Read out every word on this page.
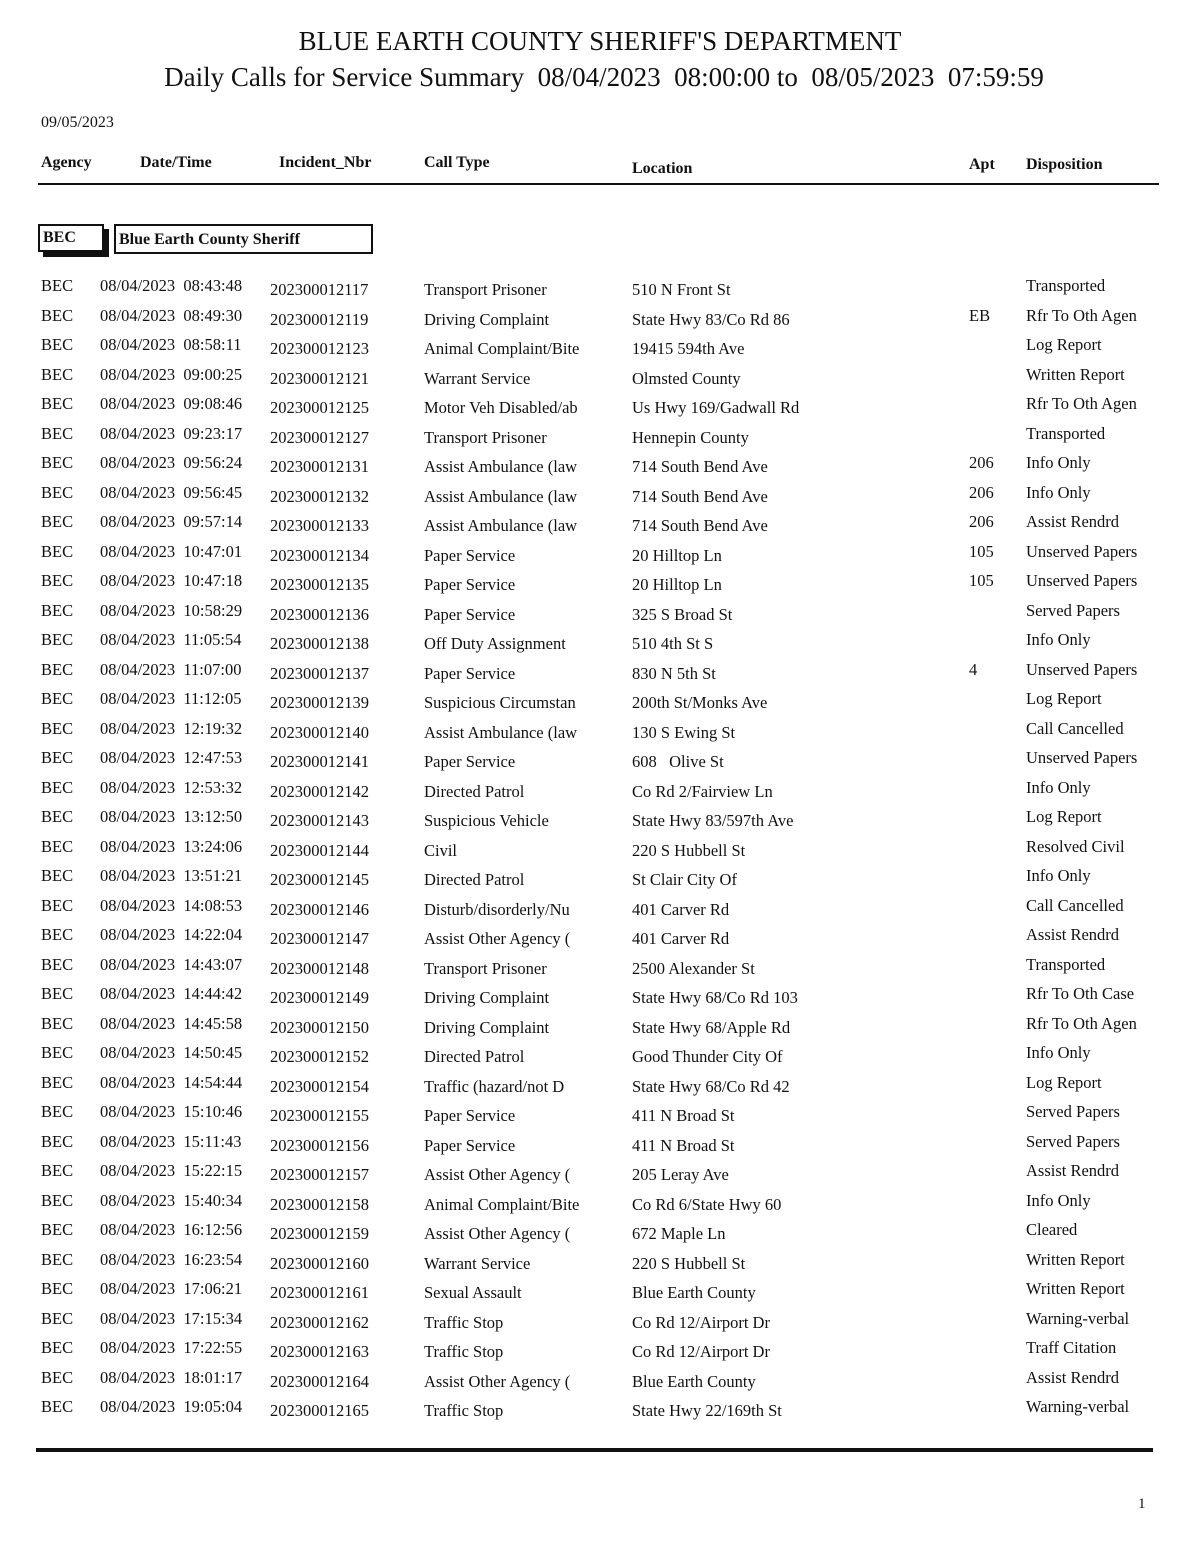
BLUE EARTH COUNTY SHERIFF'S DEPARTMENT
Daily Calls for Service Summary  08/04/2023  08:00:00 to  08/05/2023  07:59:59
09/05/2023
Agency	Date/Time	Incident_Nbr	Call Type	Location	Apt Disposition
BEC	Blue Earth County Sheriff
BEC 08/04/2023  08:43:48 202300012117	Transport Prisoner	510 N Front St	Transported
BEC 08/04/2023  08:49:30 202300012119	Driving Complaint	State Hwy 83/Co Rd 86	EB Rfr To Oth Agen
BEC 08/04/2023  08:58:11 202300012123	Animal Complaint/Bite	19415 594th Ave	Log Report
BEC 08/04/2023  09:00:25 202300012121	Warrant Service	Olmsted County	Written Report
BEC 08/04/2023  09:08:46 202300012125	Motor Veh Disabled/ab	Us Hwy 169/Gadwall Rd	Rfr To Oth Agen
BEC 08/04/2023  09:23:17 202300012127	Transport Prisoner	Hennepin County	Transported
BEC 08/04/2023  09:56:24 202300012131	Assist Ambulance (law	714 South Bend Ave	206 Info Only
BEC 08/04/2023  09:56:45 202300012132	Assist Ambulance (law	714 South Bend Ave	206 Info Only
BEC 08/04/2023  09:57:14 202300012133	Assist Ambulance (law	714 South Bend Ave	206 Assist Rendrd
BEC 08/04/2023  10:47:01 202300012134	Paper Service	20 Hilltop Ln	105 Unserved Papers
BEC 08/04/2023  10:47:18 202300012135	Paper Service	20 Hilltop Ln	105 Unserved Papers
BEC 08/04/2023  10:58:29 202300012136	Paper Service	325 S Broad St	Served Papers
BEC 08/04/2023  11:05:54 202300012138	Off Duty Assignment	510 4th St S	Info Only
BEC 08/04/2023  11:07:00 202300012137	Paper Service	830 N 5th St	4	Unserved Papers
BEC 08/04/2023  11:12:05 202300012139	Suspicious Circumstan	200th St/Monks Ave	Log Report
BEC 08/04/2023  12:19:32 202300012140	Assist Ambulance (law	130 S Ewing St	Call Cancelled
BEC 08/04/2023  12:47:53 202300012141	Paper Service	608   Olive St	Unserved Papers
BEC 08/04/2023  12:53:32 202300012142	Directed Patrol	Co Rd 2/Fairview Ln	Info Only
BEC 08/04/2023  13:12:50 202300012143	Suspicious Vehicle	State Hwy 83/597th Ave	Log Report
BEC 08/04/2023  13:24:06 202300012144	Civil	220 S Hubbell St	Resolved Civil
BEC 08/04/2023  13:51:21 202300012145	Directed Patrol	St Clair City Of	Info Only
BEC 08/04/2023  14:08:53 202300012146	Disturb/disorderly/Nu	401 Carver Rd	Call Cancelled
BEC 08/04/2023  14:22:04 202300012147	Assist Other Agency (	401 Carver Rd	Assist Rendrd
BEC 08/04/2023  14:43:07 202300012148	Transport Prisoner	2500 Alexander St	Transported
BEC 08/04/2023  14:44:42 202300012149	Driving Complaint	State Hwy 68/Co Rd 103	Rfr To Oth Case
BEC 08/04/2023  14:45:58 202300012150	Driving Complaint	State Hwy 68/Apple Rd	Rfr To Oth Agen
BEC 08/04/2023  14:50:45 202300012152	Directed Patrol	Good Thunder City Of	Info Only
BEC 08/04/2023  14:54:44 202300012154	Traffic (hazard/not D	State Hwy 68/Co Rd 42	Log Report
BEC 08/04/2023  15:10:46 202300012155	Paper Service	411 N Broad St	Served Papers
BEC 08/04/2023  15:11:43 202300012156	Paper Service	411 N Broad St	Served Papers
BEC 08/04/2023  15:22:15 202300012157	Assist Other Agency (	205 Leray Ave	Assist Rendrd
BEC 08/04/2023  15:40:34 202300012158	Animal Complaint/Bite	Co Rd 6/State Hwy 60	Info Only
BEC 08/04/2023  16:12:56 202300012159	Assist Other Agency (	672 Maple Ln	Cleared
BEC 08/04/2023  16:23:54 202300012160	Warrant Service	220 S Hubbell St	Written Report
BEC 08/04/2023  17:06:21 202300012161	Sexual Assault	Blue Earth County	Written Report
BEC 08/04/2023  17:15:34 202300012162	Traffic Stop	Co Rd 12/Airport Dr	Warning-verbal
BEC 08/04/2023  17:22:55 202300012163	Traffic Stop	Co Rd 12/Airport Dr	Traff Citation
BEC 08/04/2023  18:01:17 202300012164	Assist Other Agency (	Blue Earth County	Assist Rendrd
BEC 08/04/2023  19:05:04 202300012165	Traffic Stop	State Hwy 22/169th St	Warning-verbal
1
